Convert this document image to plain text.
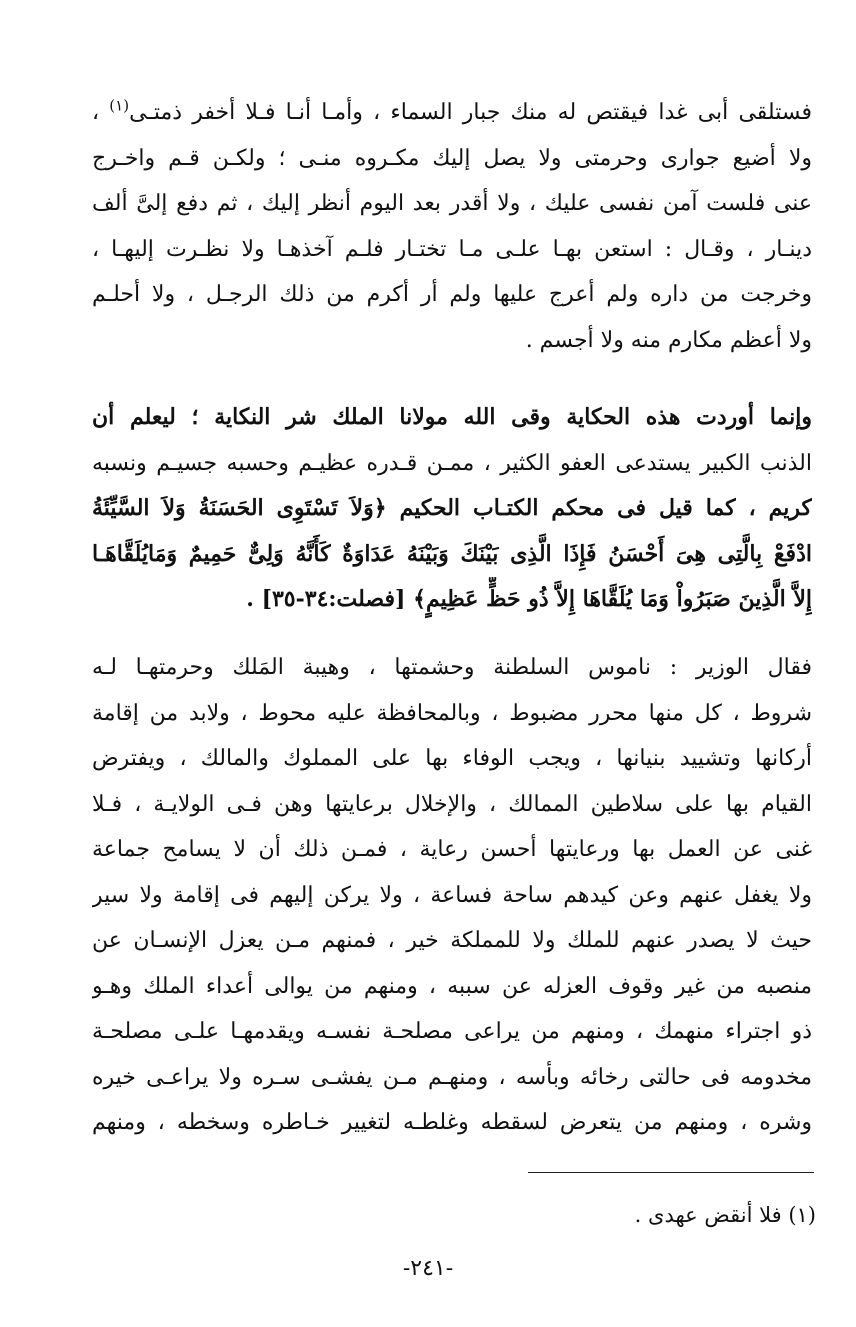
فستلقى أبى غدا فيقتص له منك جبار السماء ، وأمـا أنـا فـلا أخفر ذمتـى$^{(١)}$ ،
ولا أضيع جوارى وحرمتى ولا يصل إليك مكـروه منـى ؛ ولكـن قـم واخـرج
عنى فلست آمن نفسى عليك ، ولا أقدر بعد اليوم أنظر إليك ، ثم دفع إلىَّ ألف
دينـار ، وقـال : استعن بهـا علـى مـا تختـار فلـم آخذهـا ولا نظـرت إليهـا ،
وخرجت من داره ولم أعرج عليها ولم أر أكرم من ذلك الرجـل ، ولا أحلـم
ولا أعظم مكارم منه ولا أجسم .
وإنما أوردت هذه الحكاية وقى الله مولانا الملك شر النكاية ؛ ليعلم أن
الذنب الكبير يستدعى العفو الكثير ، ممـن قـدره عظيـم وحسبه جسيـم ونسبه
كريم ، كما قيل فى محكم الكتـاب الحكيم ﴿وَلاَ تَسْتَوِى الحَسَنَةُ وَلاَ السَّيِّئَةُ
ادْفَعْ بِالَّتِى هِىَ أَحْسَنُ فَإِذَا الَّذِى بَيْنَكَ وَبَيْنَهُ عَدَاوَةٌ كَأَنَّهُ وَلِىٌّ حَمِيمٌ وَمَايُلَقَّاهَـا
إِلاَّ الَّذِينَ صَبَرُواْ وَمَا يُلَقَّاهَا إِلاَّ ذُو حَظٍّ عَظِيمٍ﴾ [فصلت:٣٤-٣٥] .
فقال الوزير : ناموس السلطنة وحشمتها ، وهيبة المَلك وحرمتهـا لـه
شروط ، كل منها محرر مضبوط ، وبالمحافظة عليه محوط ، ولابد من إقامة
أركانها وتشييد بنيانها ، ويجب الوفاء بها على المملوك والمالك ، ويفترض
القيام بها على سلاطين الممالك ، والإخلال برعايتها وهن فـى الولايـة ، فـلا
غنى عن العمل بها ورعايتها أحسن رعاية ، فمـن ذلك أن لا يسامح جماعة
ولا يغفل عنهم وعن كيدهم ساحة فساعة ، ولا يركن إليهم فى إقامة ولا سير
حيث لا يصدر عنهم للملك ولا للمملكة خير ، فمنهم مـن يعزل الإنسـان عن
منصبه من غير وقوف العزله عن سببه ، ومنهم من يوالى أعداء الملك وهـو
ذو اجتراء منهمك ، ومنهم من يراعى مصلحـة نفسـه ويقدمهـا علـى مصلحـة
مخدومه فى حالتى رخائه وبأسه ، ومنهـم مـن يفشـى سـره ولا يراعـى خيره
وشره ، ومنهم من يتعرض لسقطه وغلطـه لتغيير خـاطره وسخطه ، ومنهم
(١) فلا أنقض عهدى .
-٢٤١-
